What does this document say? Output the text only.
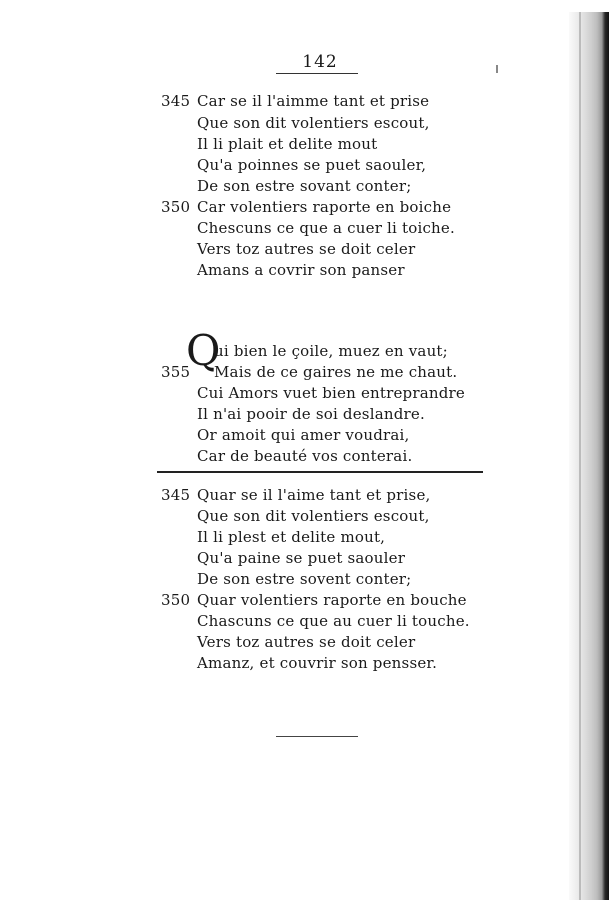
142
345 Car se il l'aimme tant et prise
Que son dit volentiers escout,
Il li plait et delite mout
Qu'a poinnes se puet saouler,
De son estre sovant conter;
350 Car volentiers raporte en boiche
Chescuns ce que a cuer li toiche.
Vers toz autres se doit celer
Amans a covrir son panser
Q
ui bien le çoile, muez en vaut;
355 Mais de ce gaires ne me chaut.
Cui Amors vuet bien entreprandre
Il n'ai pooir de soi deslandre.
Or amoit qui amer voudrai,
Car de beauté vos conterai.
345 Quar se il l'aime tant et prise,
Que son dit volentiers escout,
Il li plest et delite mout,
Qu'a paine se puet saouler
De son estre sovent conter;
350 Quar volentiers raporte en bouche
Chascuns ce que au cuer li touche.
Vers toz autres se doit celer
Amanz, et couvrir son pensser.
